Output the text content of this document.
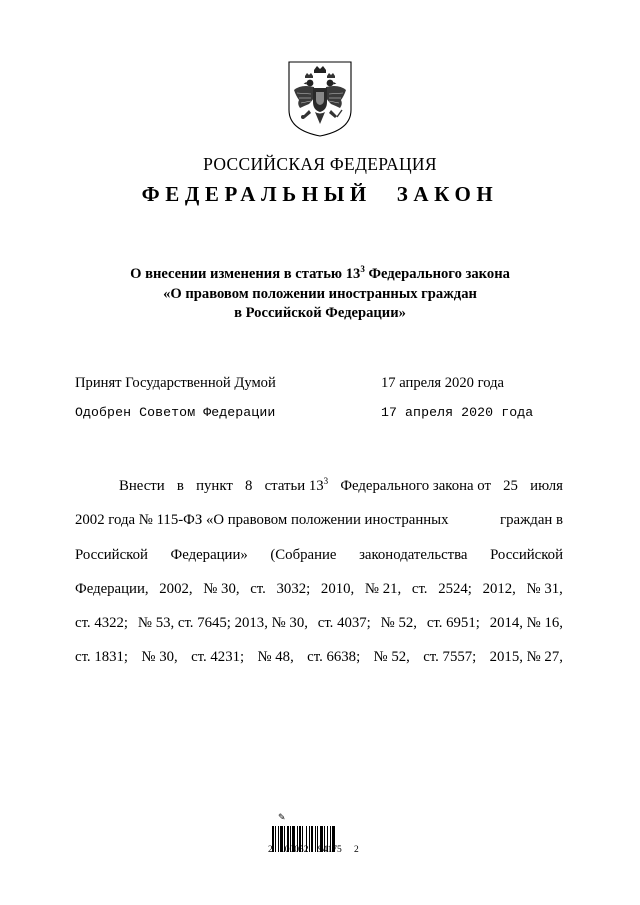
РОССИЙСКАЯ ФЕДЕРАЦИЯ
ФЕДЕРАЛЬНЫЙ ЗАКОН
О внесении изменения в статью $13^3$ Федерального закона
«О правовом положении иностранных граждан
в Российской Федерации»
Принят Государственной Думой	17 апреля 2020 года
Одобрен Советом Федерации	17 апреля 2020 года
Внести в пункт 8 статьи $13^3$ Федерального закона от 25 июля
2002 года № 115-ФЗ «О правовом положении иностранных	граждан в
Российской Федерации» (Собрание законодательства Российской
Федерации, 2002, № 30, ст. 3032; 2010, № 21, ст. 2524; 2012, № 31,
ст. 4322; № 53, ст. 7645; 2013, № 30, ст. 4037; № 52, ст. 6951; 2014, № 16,
ст. 1831; № 30, ст. 4231; № 48, ст. 6638; № 52, ст. 7557; 2015, № 27,
✎
2 100052 94175 2
